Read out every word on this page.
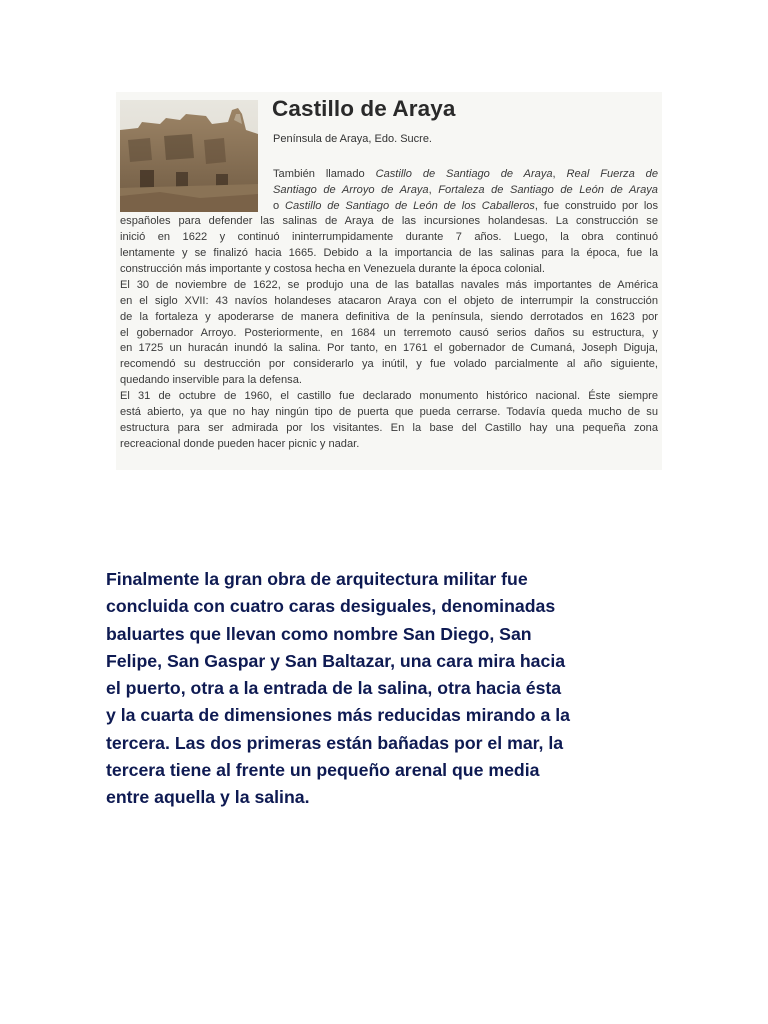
Castillo de Araya
Península de Araya, Edo. Sucre.
También llamado Castillo de Santiago de Araya, Real Fuerza de
Santiago de Arroyo de Araya, Fortaleza de Santiago de León de Araya
o Castillo de Santiago de León de los Caballeros, fue construido por los
españoles para defender las salinas de Araya de las incursiones holandesas. La construcción se
inició en 1622 y continuó ininterrumpidamente durante 7 años. Luego, la obra continuó
lentamente y se finalizó hacia 1665. Debido a la importancia de las salinas para la época, fue la
construcción más importante y costosa hecha en Venezuela durante la época colonial.
El 30 de noviembre de 1622, se produjo una de las batallas navales más importantes de América
en el siglo XVII: 43 navíos holandeses atacaron Araya con el objeto de interrumpir la construcción
de la fortaleza y apoderarse de manera definitiva de la península, siendo derrotados en 1623 por
el gobernador Arroyo. Posteriormente, en 1684 un terremoto causó serios daños su estructura, y
en 1725 un huracán inundó la salina. Por tanto, en 1761 el gobernador de Cumaná, Joseph Diguja,
recomendó su destrucción por considerarlo ya inútil, y fue volado parcialmente al año siguiente,
quedando inservible para la defensa.
El 31 de octubre de 1960, el castillo fue declarado monumento histórico nacional. Éste siempre
está abierto, ya que no hay ningún tipo de puerta que pueda cerrarse. Todavía queda mucho de su
estructura para ser admirada por los visitantes. En la base del Castillo hay una pequeña zona
recreacional donde pueden hacer picnic y nadar.
Finalmente la gran obra de arquitectura militar fue
concluida con cuatro caras desiguales, denominadas
baluartes que llevan como nombre San Diego, San
Felipe, San Gaspar y San Baltazar, una cara mira hacia
el puerto, otra a la entrada de la salina, otra hacia ésta
y la cuarta de dimensiones más reducidas mirando a la
tercera. Las dos primeras están bañadas por el mar, la
tercera tiene al frente un pequeño arenal que media
entre aquella y la salina.
